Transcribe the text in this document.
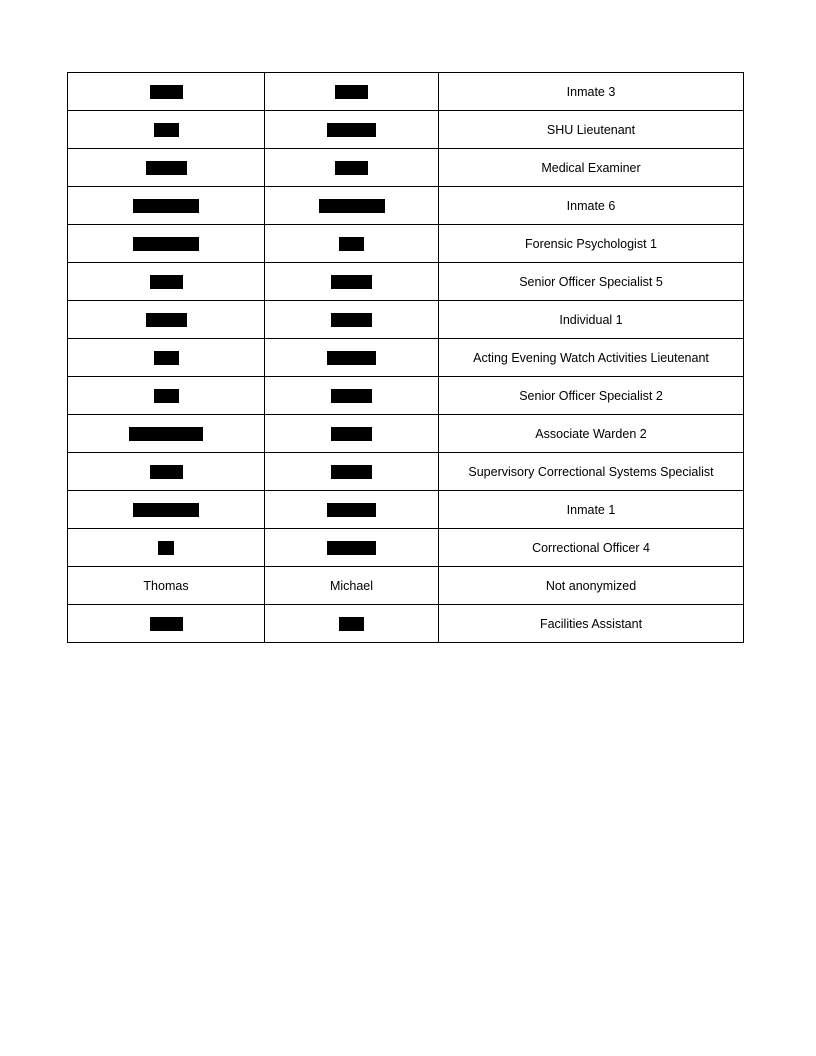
		Inmate 3
		SHU Lieutenant
		Medical Examiner
		Inmate 6
		Forensic Psychologist 1
		Senior Officer Specialist 5
		Individual 1
		Acting Evening Watch Activities Lieutenant
		Senior Officer Specialist 2
		Associate Warden 2
		Supervisory Correctional Systems Specialist
		Inmate 1
		Correctional Officer 4
Thomas	Michael	Not anonymized
		Facilities Assistant
